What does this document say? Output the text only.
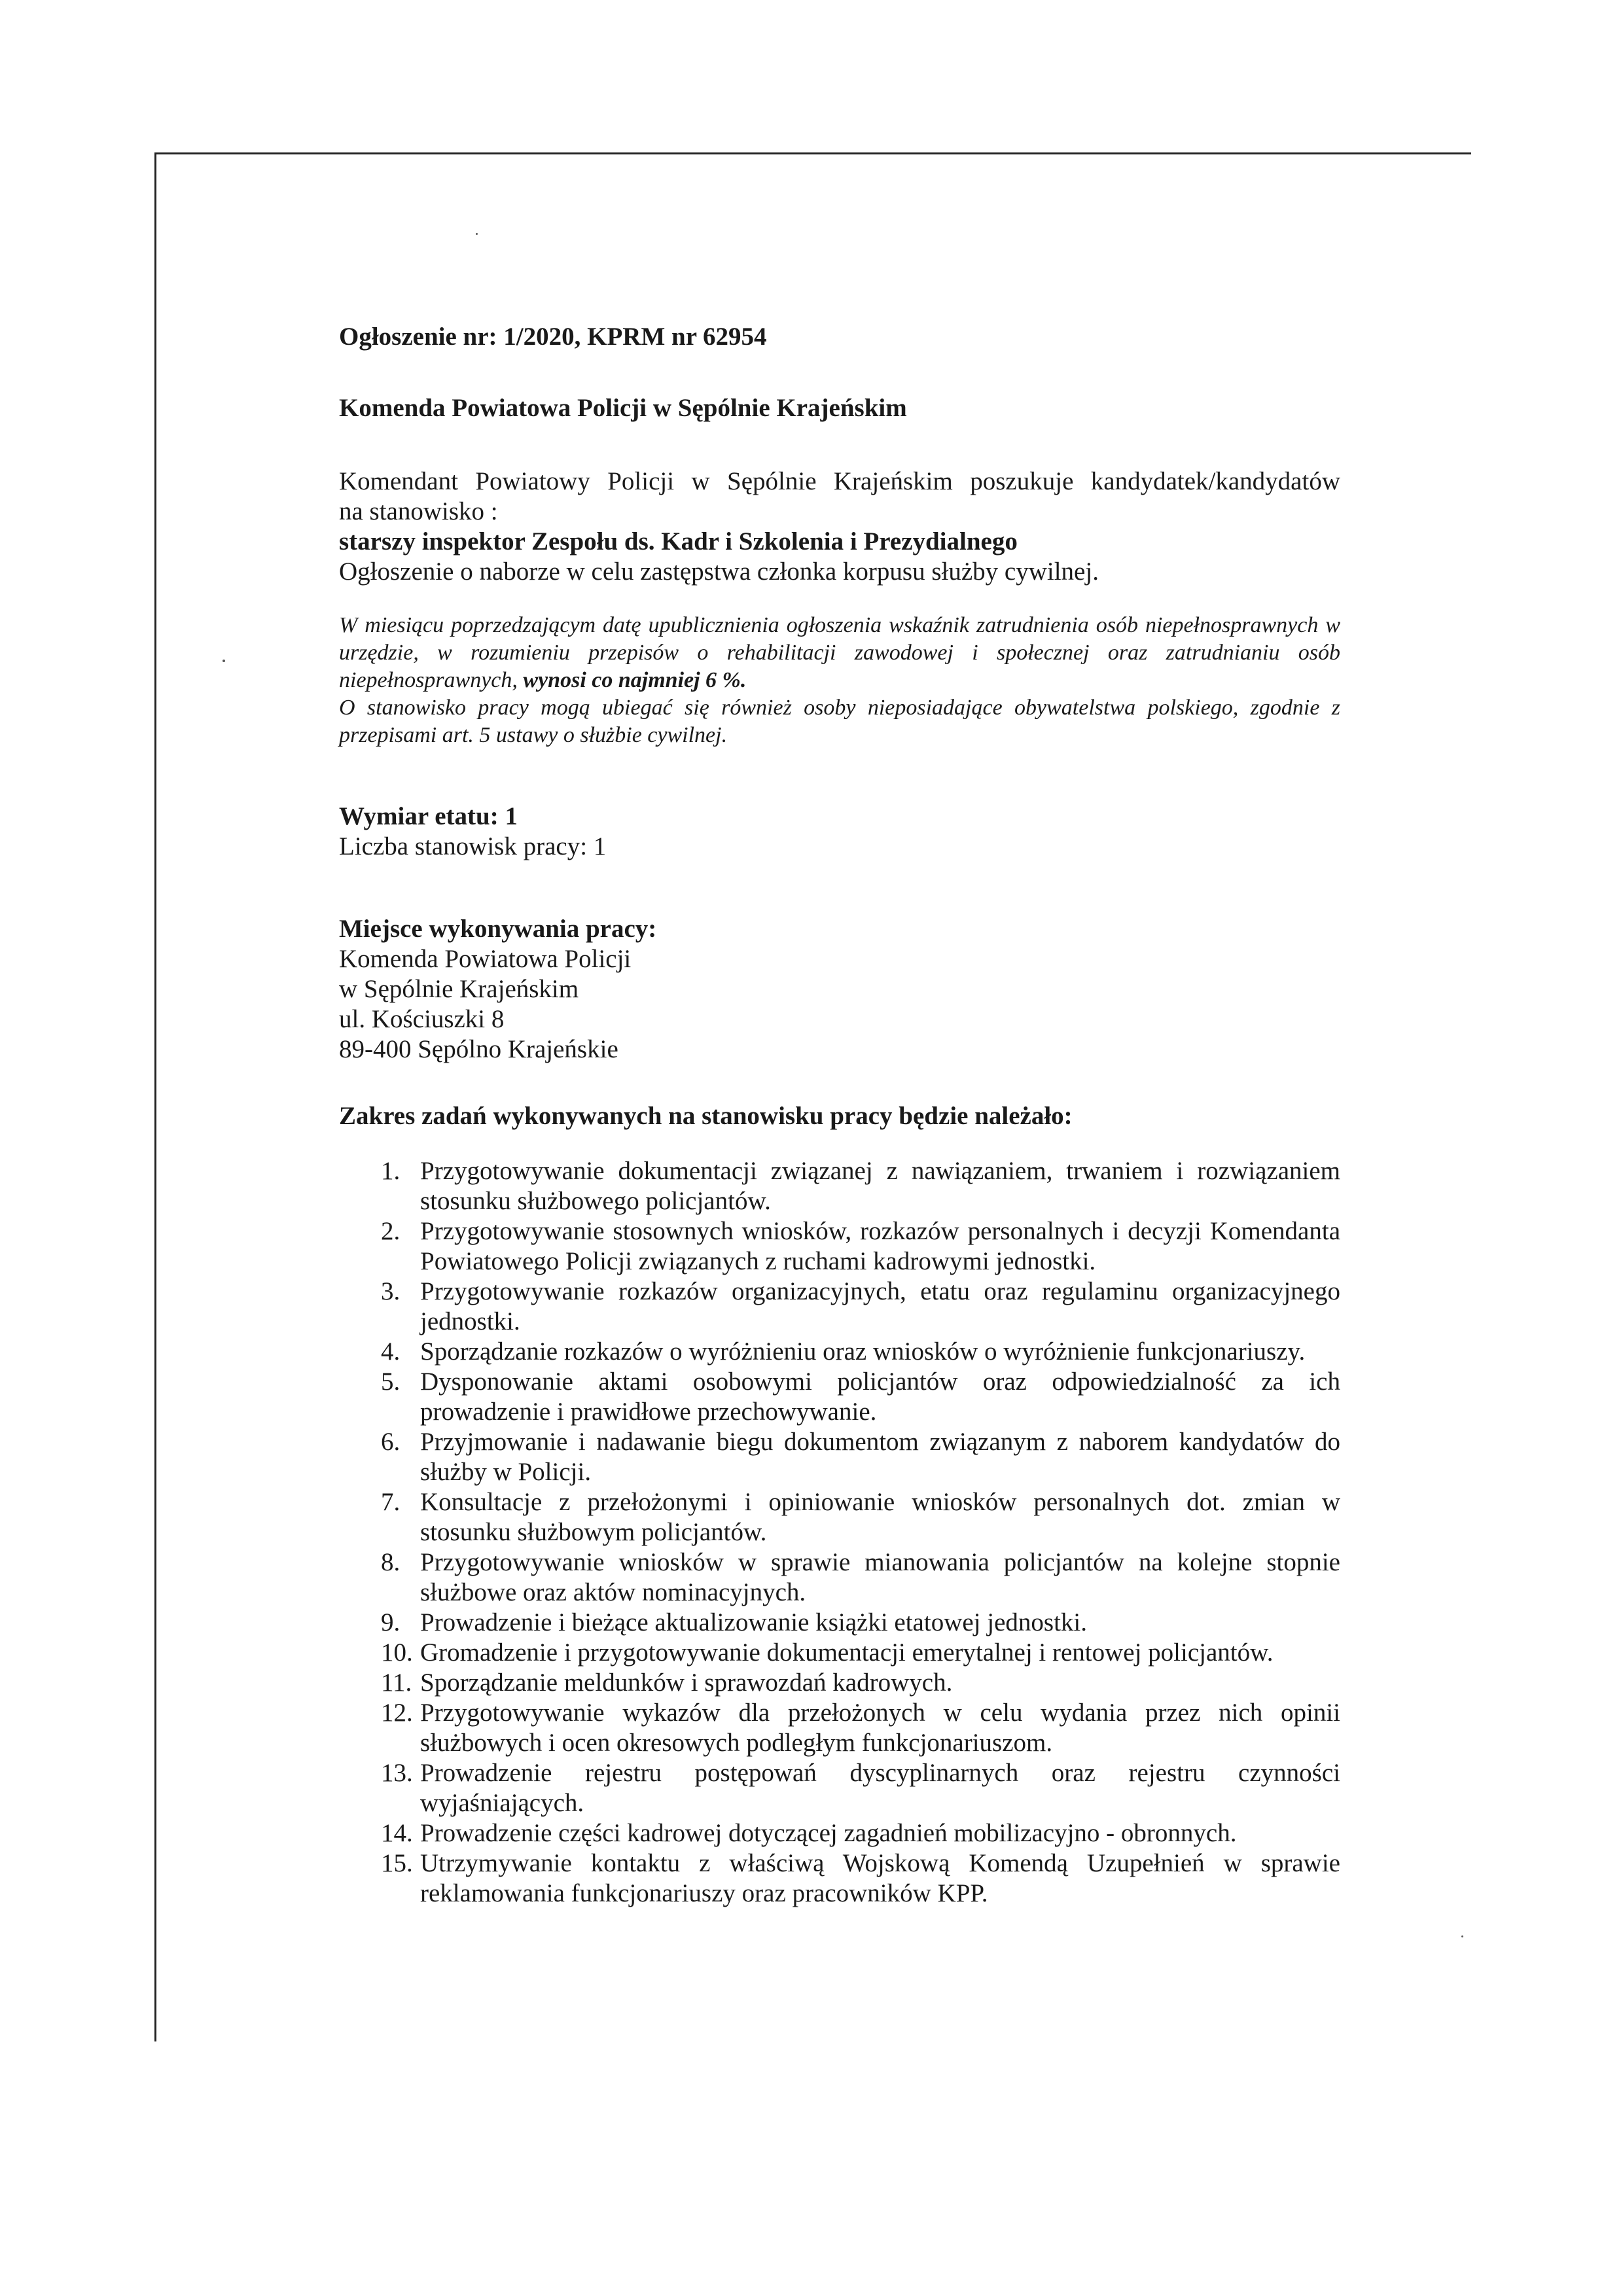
Ogłoszenie nr: 1/2020, KPRM nr 62954

Komenda Powiatowa Policji w Sępólnie Krajeńskim

Komendant Powiatowy Policji w Sępólnie Krajeńskim poszukuje kandydatek/kandydatów

na stanowisko :

starszy inspektor Zespołu ds. Kadr i Szkolenia i Prezydialnego

Ogłoszenie o naborze w celu zastępstwa członka korpusu służby cywilnej.

W miesiącu poprzedzającym datę upublicznienia ogłoszenia wskaźnik zatrudnienia osób niepełnosprawnych w urzędzie, w rozumieniu przepisów o rehabilitacji zawodowej i społecznej oraz zatrudnianiu osób niepełnosprawnych, wynosi co najmniej 6 %.

O stanowisko pracy mogą ubiegać się również osoby nieposiadające obywatelstwa polskiego, zgodnie z przepisami art. 5 ustawy o służbie cywilnej.

Wymiar etatu: 1

Liczba stanowisk pracy: 1

Miejsce wykonywania pracy:

Komenda Powiatowa Policji

w Sępólnie Krajeńskim

ul. Kościuszki 8

89-400 Sępólno Krajeńskie

Zakres zadań wykonywanych na stanowisku pracy będzie należało:

1. Przygotowywanie dokumentacji związanej z nawiązaniem, trwaniem i rozwiązaniem stosunku służbowego policjantów.
2. Przygotowywanie stosownych wniosków, rozkazów personalnych i decyzji Komendanta Powiatowego Policji związanych z ruchami kadrowymi jednostki.
3. Przygotowywanie rozkazów organizacyjnych, etatu oraz regulaminu organizacyjnego jednostki.
4. Sporządzanie rozkazów o wyróżnieniu oraz wniosków o wyróżnienie funkcjonariuszy.
5. Dysponowanie aktami osobowymi policjantów oraz odpowiedzialność za ich prowadzenie i prawidłowe przechowywanie.
6. Przyjmowanie i nadawanie biegu dokumentom związanym z naborem kandydatów do służby w Policji.
7. Konsultacje z przełożonymi i opiniowanie wniosków personalnych dot. zmian w stosunku służbowym policjantów.
8. Przygotowywanie wniosków w sprawie mianowania policjantów na kolejne stopnie służbowe oraz aktów nominacyjnych.
9. Prowadzenie i bieżące aktualizowanie książki etatowej jednostki.
10. Gromadzenie i przygotowywanie dokumentacji emerytalnej i rentowej policjantów.
11. Sporządzanie meldunków i sprawozdań kadrowych.
12. Przygotowywanie wykazów dla przełożonych w celu wydania przez nich opinii służbowych i ocen okresowych podległym funkcjonariuszom.
13. Prowadzenie rejestru postępowań dyscyplinarnych oraz rejestru czynności wyjaśniających.
14. Prowadzenie części kadrowej dotyczącej zagadnień mobilizacyjno - obronnych.
15. Utrzymywanie kontaktu z właściwą Wojskową Komendą Uzupełnień w sprawie reklamowania funkcjonariuszy oraz pracowników KPP.
